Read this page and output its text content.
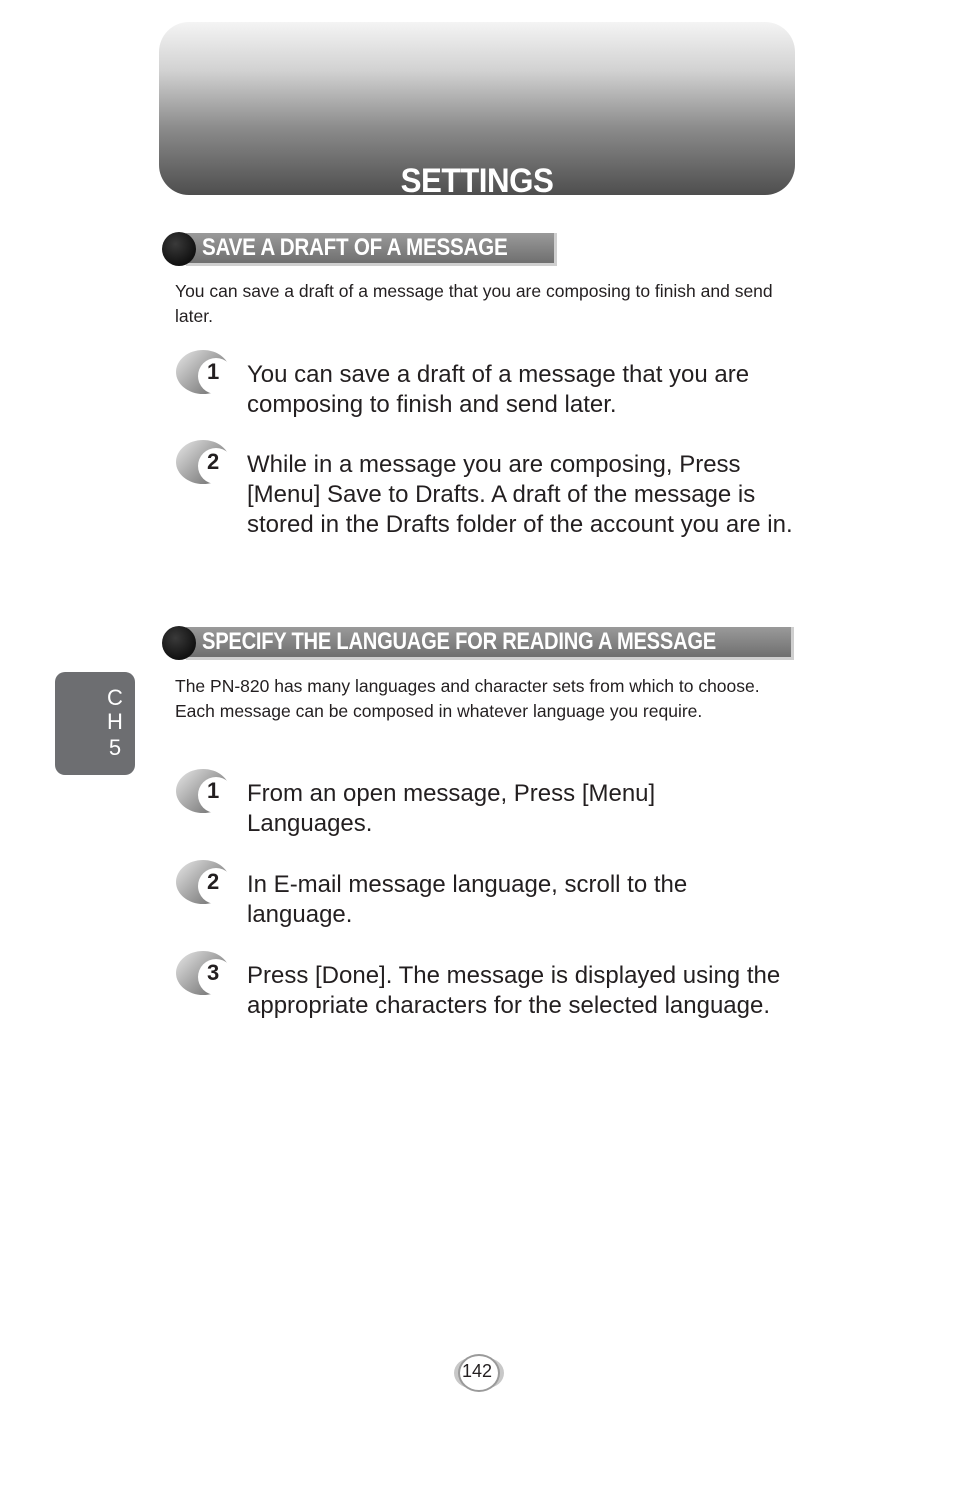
SETTINGS
SAVE A DRAFT OF A MESSAGE
You can save a draft of a message that you are composing to finish and send later.
1 You can save a draft of a message that you are composing to finish and send later.
2 While in a message you are composing, Press [Menu] Save to Drafts. A draft of the message is stored in the Drafts folder of the account you are in.
SPECIFY THE LANGUAGE FOR READING A MESSAGE
The PN-820 has many languages and character sets from which to choose. Each message can be composed in whatever language you require.
1 From an open message, Press [Menu] Languages.
2 In E-mail message language, scroll to the language.
3 Press [Done]. The message is displayed using the appropriate characters for the selected language.
C
H
5
142
